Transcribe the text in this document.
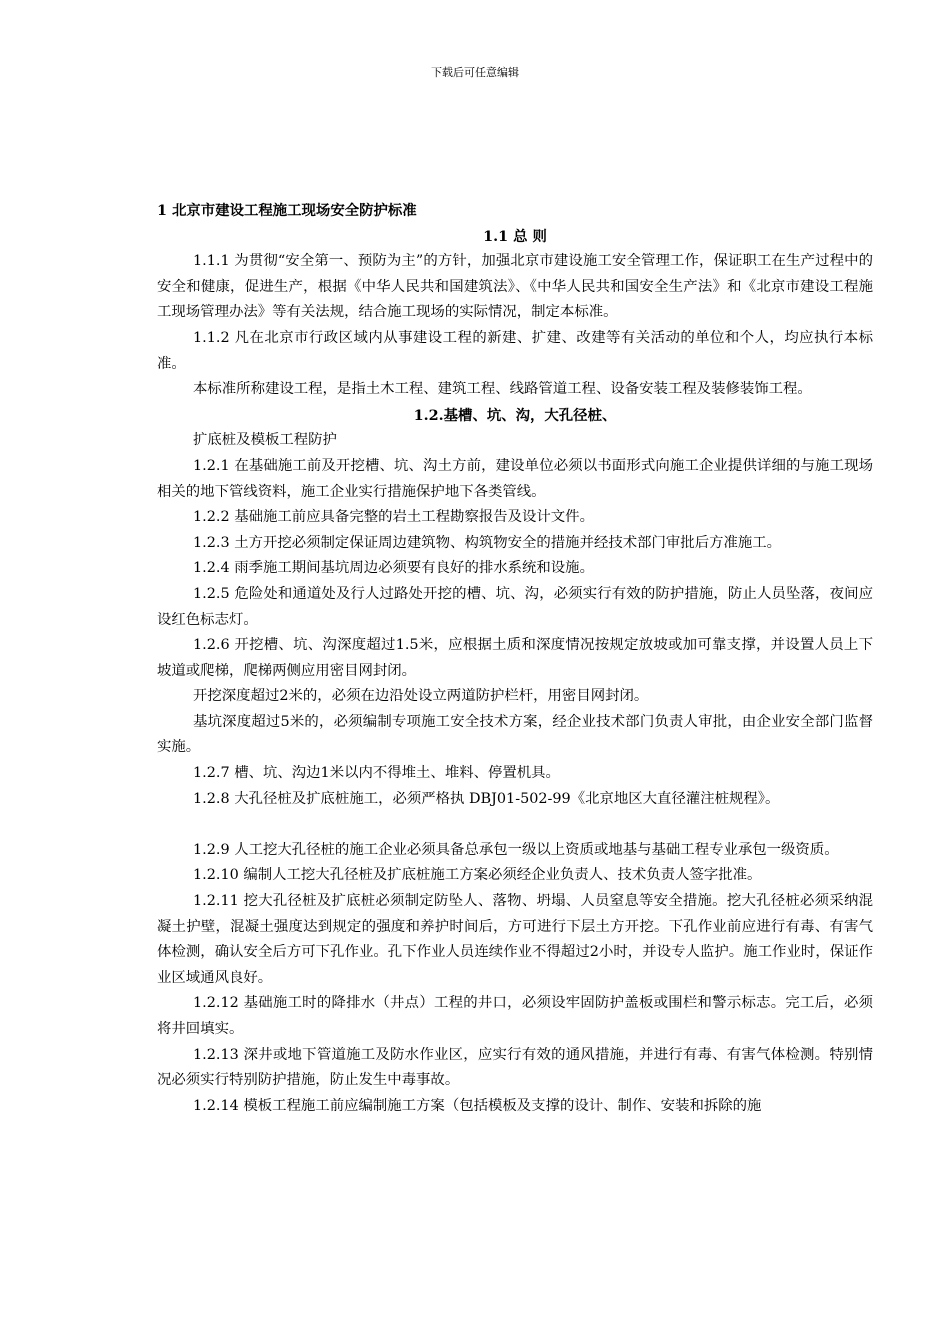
下载后可任意编辑

1 北京市建设工程施工现场安全防护标准

1.1 总 则

1.1.1 为贯彻“安全第一、预防为主”的方针，加强北京市建设施工安全管理工作，保证职工在生产过程中的安全和健康，促进生产，根据《中华人民共和国建筑法》、《中华人民共和国安全生产法》和《北京市建设工程施工现场管理办法》等有关法规，结合施工现场的实际情况，制定本标准。

1.1.2 凡在北京市行政区域内从事建设工程的新建、扩建、改建等有关活动的单位和个人，均应执行本标准。

本标准所称建设工程，是指土木工程、建筑工程、线路管道工程、设备安装工程及装修装饰工程。

1.2.基槽、坑、沟，大孔径桩、

扩底桩及模板工程防护

1.2.1 在基础施工前及开挖槽、坑、沟土方前，建设单位必须以书面形式向施工企业提供详细的与施工现场相关的地下管线资料，施工企业实行措施保护地下各类管线。

1.2.2 基础施工前应具备完整的岩土工程勘察报告及设计文件。

1.2.3 土方开挖必须制定保证周边建筑物、构筑物安全的措施并经技术部门审批后方准施工。

1.2.4 雨季施工期间基坑周边必须要有良好的排水系统和设施。

1.2.5 危险处和通道处及行人过路处开挖的槽、坑、沟，必须实行有效的防护措施，防止人员坠落，夜间应设红色标志灯。

1.2.6 开挖槽、坑、沟深度超过1.5米，应根据土质和深度情况按规定放坡或加可靠支撑，并设置人员上下坡道或爬梯，爬梯两侧应用密目网封闭。

开挖深度超过2米的，必须在边沿处设立两道防护栏杆，用密目网封闭。

基坑深度超过5米的，必须编制专项施工安全技术方案，经企业技术部门负责人审批，由企业安全部门监督实施。

1.2.7 槽、坑、沟边1米以内不得堆土、堆料、停置机具。

1.2.8 大孔径桩及扩底桩施工，必须严格执 DBJ01-502-99《北京地区大直径灌注桩规程》。

1.2.9 人工挖大孔径桩的施工企业必须具备总承包一级以上资质或地基与基础工程专业承包一级资质。

1.2.10 编制人工挖大孔径桩及扩底桩施工方案必须经企业负责人、技术负责人签字批准。

1.2.11 挖大孔径桩及扩底桩必须制定防坠人、落物、坍塌、人员窒息等安全措施。挖大孔径桩必须采纳混凝土护壁，混凝土强度达到规定的强度和养护时间后，方可进行下层土方开挖。下孔作业前应进行有毒、有害气体检测，确认安全后方可下孔作业。孔下作业人员连续作业不得超过2小时，并设专人监护。施工作业时，保证作业区域通风良好。

1.2.12 基础施工时的降排水（井点）工程的井口，必须设牢固防护盖板或围栏和警示标志。完工后，必须将井回填实。

1.2.13 深井或地下管道施工及防水作业区，应实行有效的通风措施，并进行有毒、有害气体检测。特别情况必须实行特别防护措施，防止发生中毒事故。

1.2.14 模板工程施工前应编制施工方案（包括模板及支撑的设计、制作、安装和拆除的施
